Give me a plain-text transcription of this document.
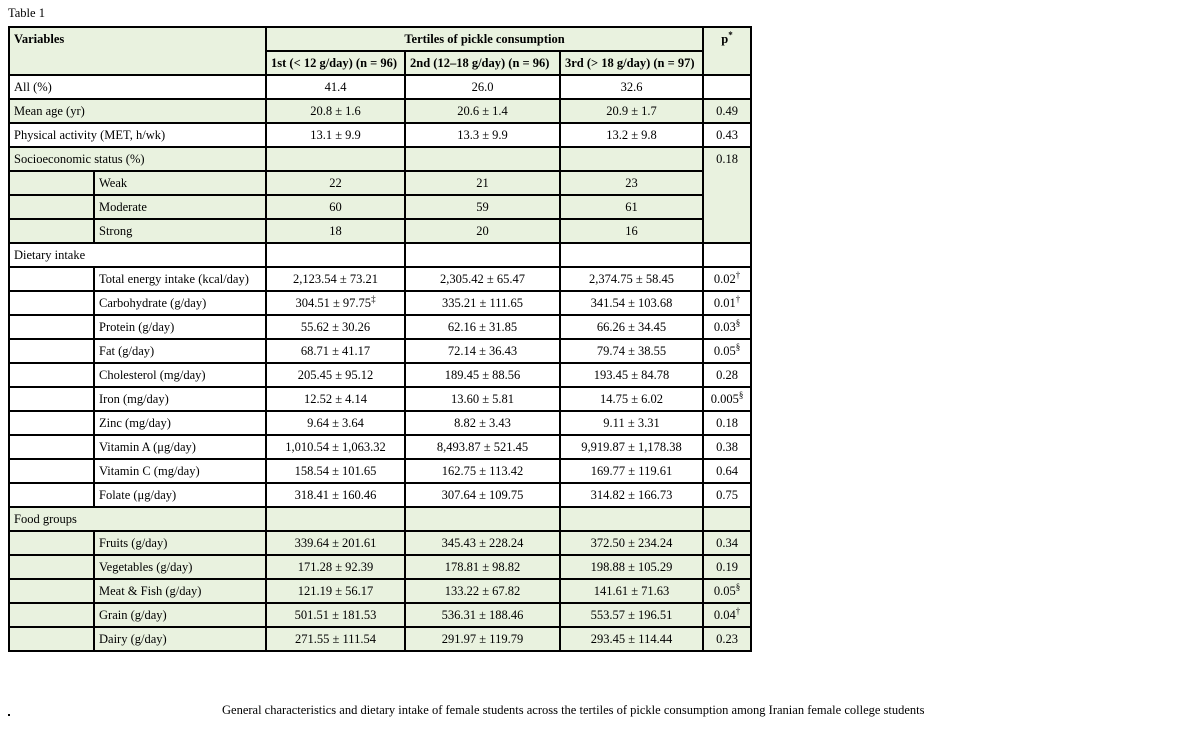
Table 1
Variables		Tertiles of pickle consumption			p*
		1st (< 12 g/day) (n = 96)	2nd (12–18 g/day) (n = 96)	3rd (> 18 g/day) (n = 97)	
All (%)		41.4	26.0	32.6	
Mean age (yr)		20.8 ± 1.6	20.6 ± 1.4	20.9 ± 1.7	0.49
Physical activity (MET, h/wk)		13.1 ± 9.9	13.3 ± 9.9	13.2 ± 9.8	0.43
Socioeconomic status (%)					0.18
	Weak	22	21	23	
	Moderate	60	59	61	
	Strong	18	20	16	
Dietary intake					
	Total energy intake (kcal/day)	2,123.54 ± 73.21	2,305.42 ± 65.47	2,374.75 ± 58.45	0.02†
	Carbohydrate (g/day)	304.51 ± 97.75‡	335.21 ± 111.65	341.54 ± 103.68	0.01†
	Protein (g/day)	55.62 ± 30.26	62.16 ± 31.85	66.26 ± 34.45	0.03§
	Fat (g/day)	68.71 ± 41.17	72.14 ± 36.43	79.74 ± 38.55	0.05§
	Cholesterol (mg/day)	205.45 ± 95.12	189.45 ± 88.56	193.45 ± 84.78	0.28
	Iron (mg/day)	12.52 ± 4.14	13.60 ± 5.81	14.75 ± 6.02	0.005§
	Zinc (mg/day)	9.64 ± 3.64	8.82 ± 3.43	9.11 ± 3.31	0.18
	Vitamin A (μg/day)	1,010.54 ± 1,063.32	8,493.87 ± 521.45	9,919.87 ± 1,178.38	0.38
	Vitamin C (mg/day)	158.54 ± 101.65	162.75 ± 113.42	169.77 ± 119.61	0.64
	Folate (μg/day)	318.41 ± 160.46	307.64 ± 109.75	314.82 ± 166.73	0.75
Food groups					
	Fruits (g/day)	339.64 ± 201.61	345.43 ± 228.24	372.50 ± 234.24	0.34
	Vegetables (g/day)	171.28 ± 92.39	178.81 ± 98.82	198.88 ± 105.29	0.19
	Meat & Fish (g/day)	121.19 ± 56.17	133.22 ± 67.82	141.61 ± 71.63	0.05§
	Grain (g/day)	501.51 ± 181.53	536.31 ± 188.46	553.57 ± 196.51	0.04†
	Dairy (g/day)	271.55 ± 111.54	291.97 ± 119.79	293.45 ± 114.44	0.23
General characteristics and dietary intake of female students across the tertiles of pickle consumption among Iranian female college students
